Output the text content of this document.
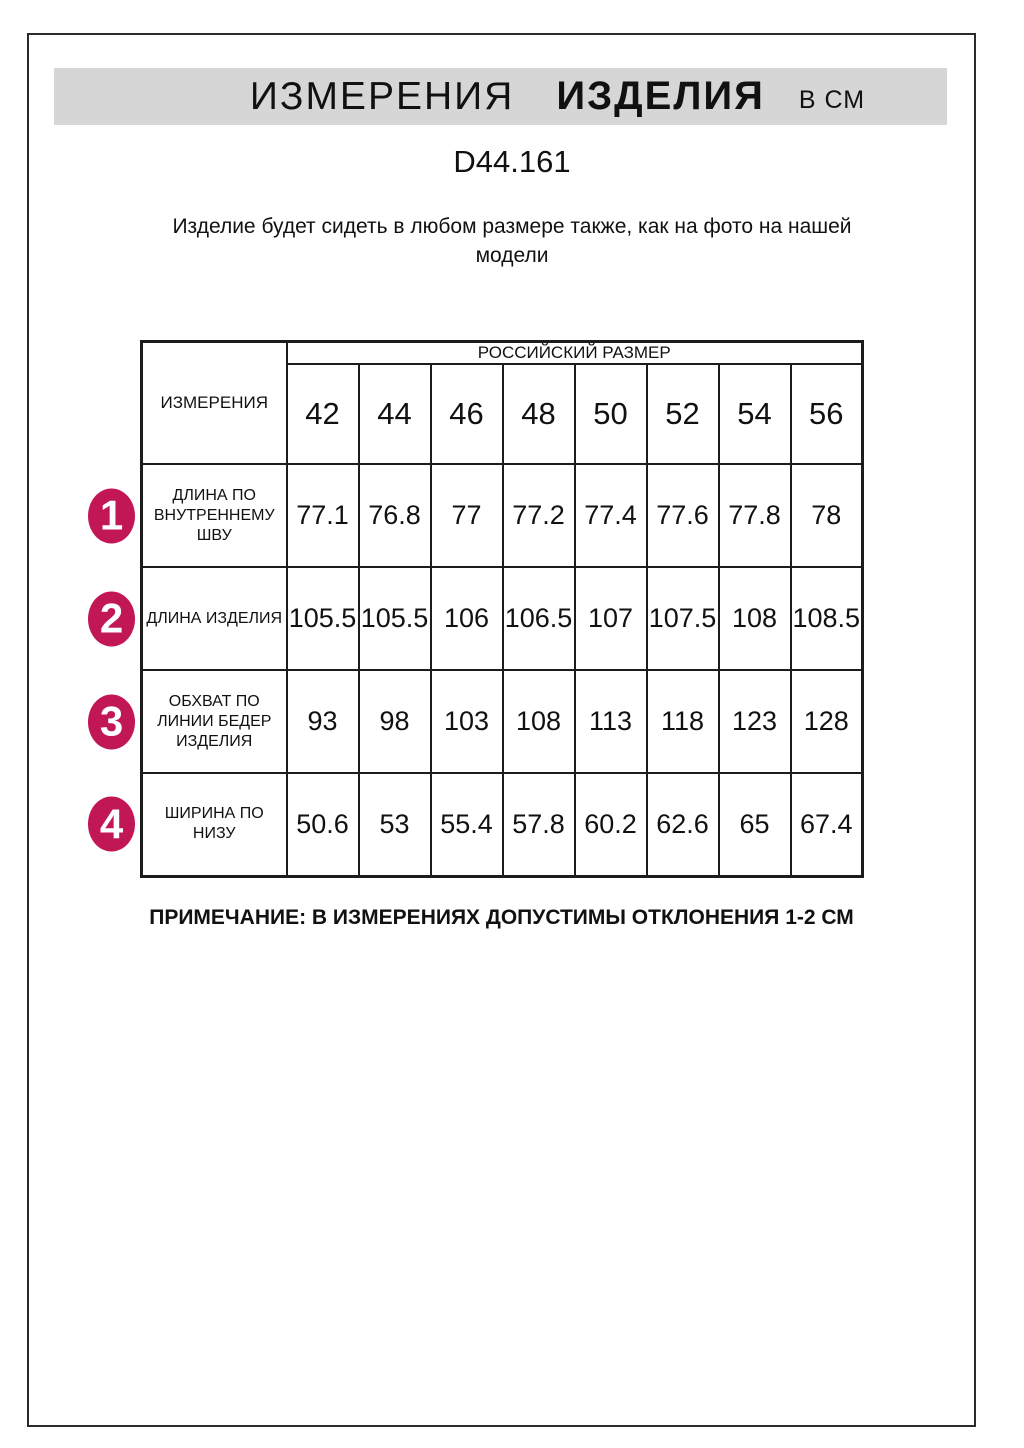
ИЗМЕРЕНИЯ ИЗДЕЛИЯ В СМ
D44.161

Изделие будет сидеть в любом размере также, как на фото на нашей модели

ИЗМЕРЕНИЯ	РОССИЙСКИЙ РАЗМЕР							
	42	44	46	48	50	52	54	56

1 ДЛИНА ПО ВНУТРЕННЕМУ ШВУ	77.1	76.8	77	77.2	77.4	77.6	77.8	78

2 ДЛИНА ИЗДЕЛИЯ	105.5	105.5	106	106.5	107	107.5	108	108.5

3 ОБХВАТ ПО ЛИНИИ БЕДЕР ИЗДЕЛИЯ	93	98	103	108	113	118	123	128

4 ШИРИНА ПО НИЗУ	50.6	53	55.4	57.8	60.2	62.6	65	67.4
ПРИМЕЧАНИЕ: В ИЗМЕРЕНИЯХ ДОПУСТИМЫ ОТКЛОНЕНИЯ 1-2 СМ
